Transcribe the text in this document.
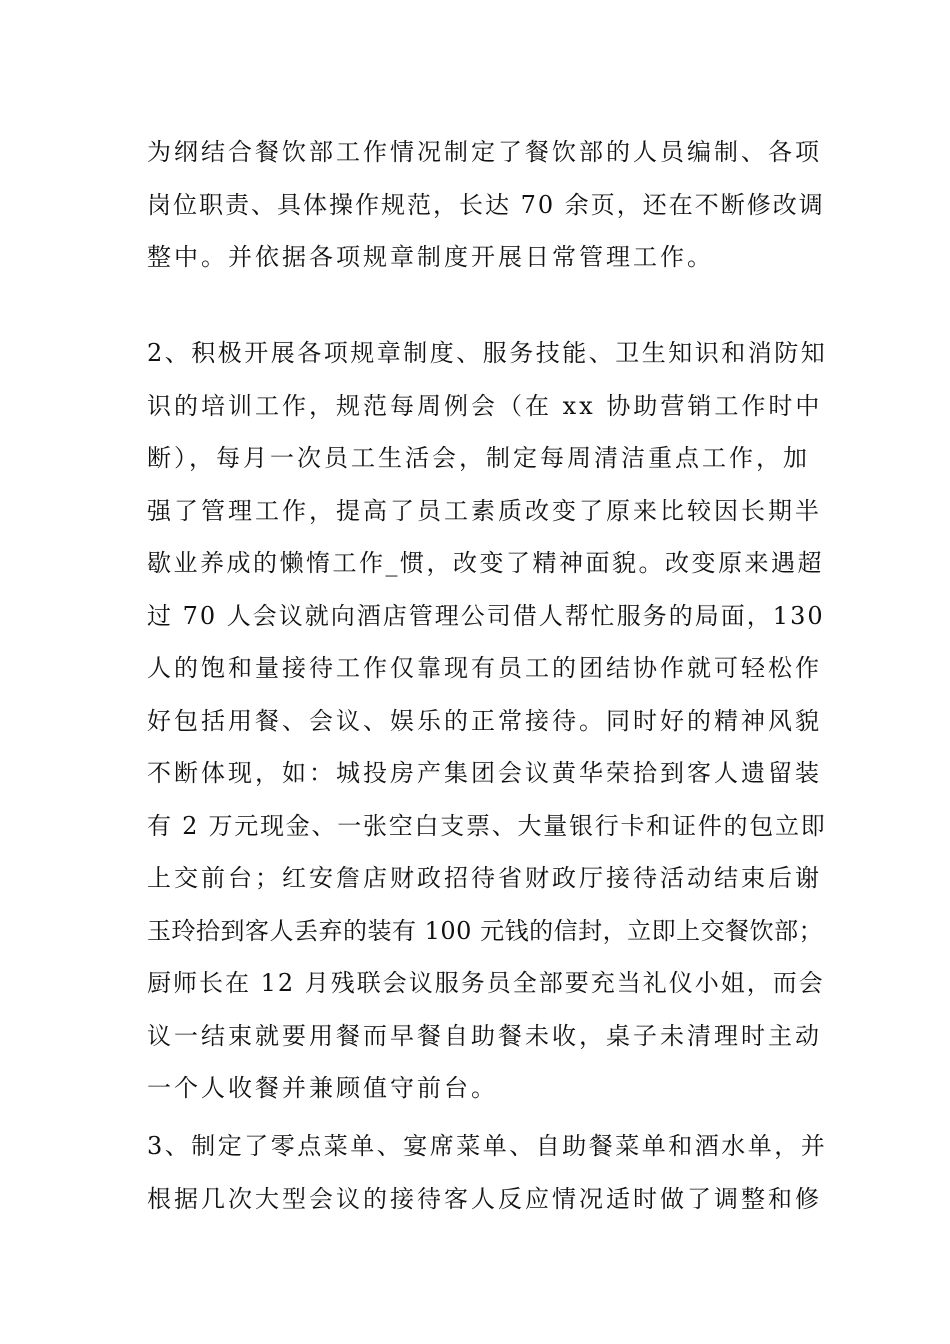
为纲结合餐饮部工作情况制定了餐饮部的人员编制、各项
岗位职责、具体操作规范，长达 70 余页，还在不断修改调
整中。并依据各项规章制度开展日常管理工作。
2、积极开展各项规章制度、服务技能、卫生知识和消防知
识的培训工作，规范每周例会（在 xx 协助营销工作时中
断），每月一次员工生活会，制定每周清洁重点工作，加
强了管理工作，提高了员工素质改变了原来比较因长期半
歇业养成的懒惰工作_惯，改变了精神面貌。改变原来遇超
过 70 人会议就向酒店管理公司借人帮忙服务的局面，130
人的饱和量接待工作仅靠现有员工的团结协作就可轻松作
好包括用餐、会议、娱乐的正常接待。同时好的精神风貌
不断体现，如：城投房产集团会议黄华荣拾到客人遗留装
有 2 万元现金、一张空白支票、大量银行卡和证件的包立即
上交前台；红安詹店财政招待省财政厅接待活动结束后谢
玉玲拾到客人丢弃的装有 100 元钱的信封，立即上交餐饮部；
厨师长在 12 月残联会议服务员全部要充当礼仪小姐，而会
议一结束就要用餐而早餐自助餐未收，桌子未清理时主动
一个人收餐并兼顾值守前台。
3、制定了零点菜单、宴席菜单、自助餐菜单和酒水单，并
根据几次大型会议的接待客人反应情况适时做了调整和修
